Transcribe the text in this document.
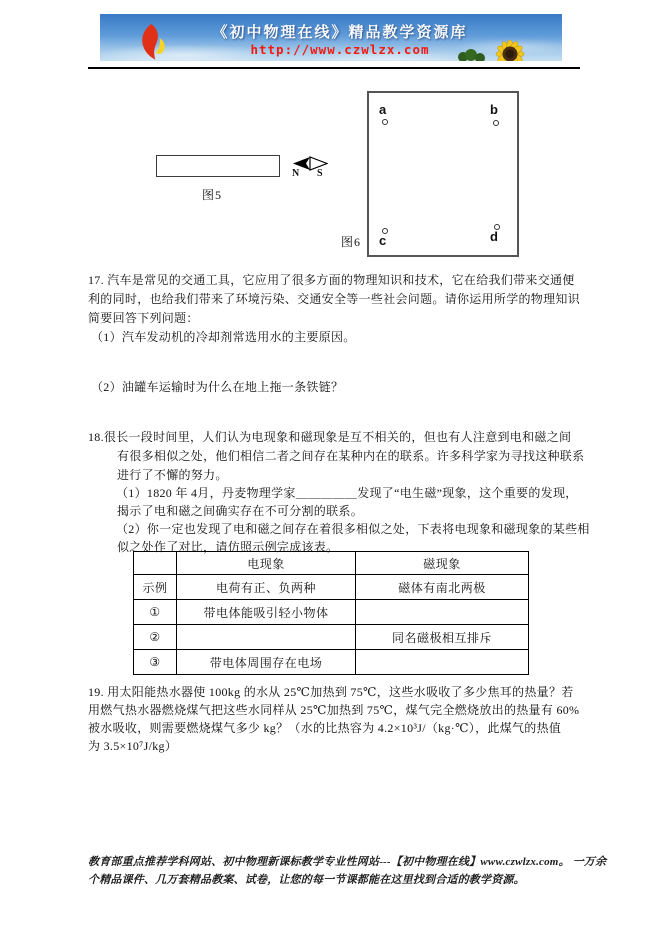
《初中物理在线》精品教学资源库
http://www.czwlzx.com
图5
N S
a	b
c	d
图6
17. 汽车是常见的交通工具，它应用了很多方面的物理知识和技术，它在给我们带来交通便
利的同时，也给我们带来了环境污染、交通安全等一些社会问题。请你运用所学的物理知识
简要回答下列问题：
（1）汽车发动机的冷却剂常选用水的主要原因。
（2）油罐车运输时为什么在地上拖一条铁链？
18.很长一段时间里，人们认为电现象和磁现象是互不相关的，但也有人注意到电和磁之间
有很多相似之处，他们相信二者之间存在某种内在的联系。许多科学家为寻找这种联系
进行了不懈的努力。
（1）1820 年 4月，丹麦物理学家＿＿＿＿＿发现了“电生磁”现象，这个重要的发现，
揭示了电和磁之间确实存在不可分割的联系。
（2）你一定也发现了电和磁之间存在着很多相似之处，下表将电现象和磁现象的某些相
似之处作了对比，请仿照示例完成该表。
	电现象	磁现象
示例	电荷有正、负两种	磁体有南北两极
①	带电体能吸引轻小物体	
②		同名磁极相互排斥
③	带电体周围存在电场	
19. 用太阳能热水器使 100kg 的水从 25℃加热到 75℃，这些水吸收了多少焦耳的热量？若
用燃气热水器燃烧煤气把这些水同样从 25℃加热到 75℃，煤气完全燃烧放出的热量有 60%
被水吸收，则需要燃烧煤气多少 kg？（水的比热容为 4.2×10³J/（kg·℃），此煤气的热值
为 3.5×10⁷J/kg）
教育部重点推荐学科网站、初中物理新课标教学专业性网站---【初中物理在线】www.czwlzx.com。 一万余
个精品课件、几万套精品教案、试卷，让您的每一节课都能在这里找到合适的教学资源。
